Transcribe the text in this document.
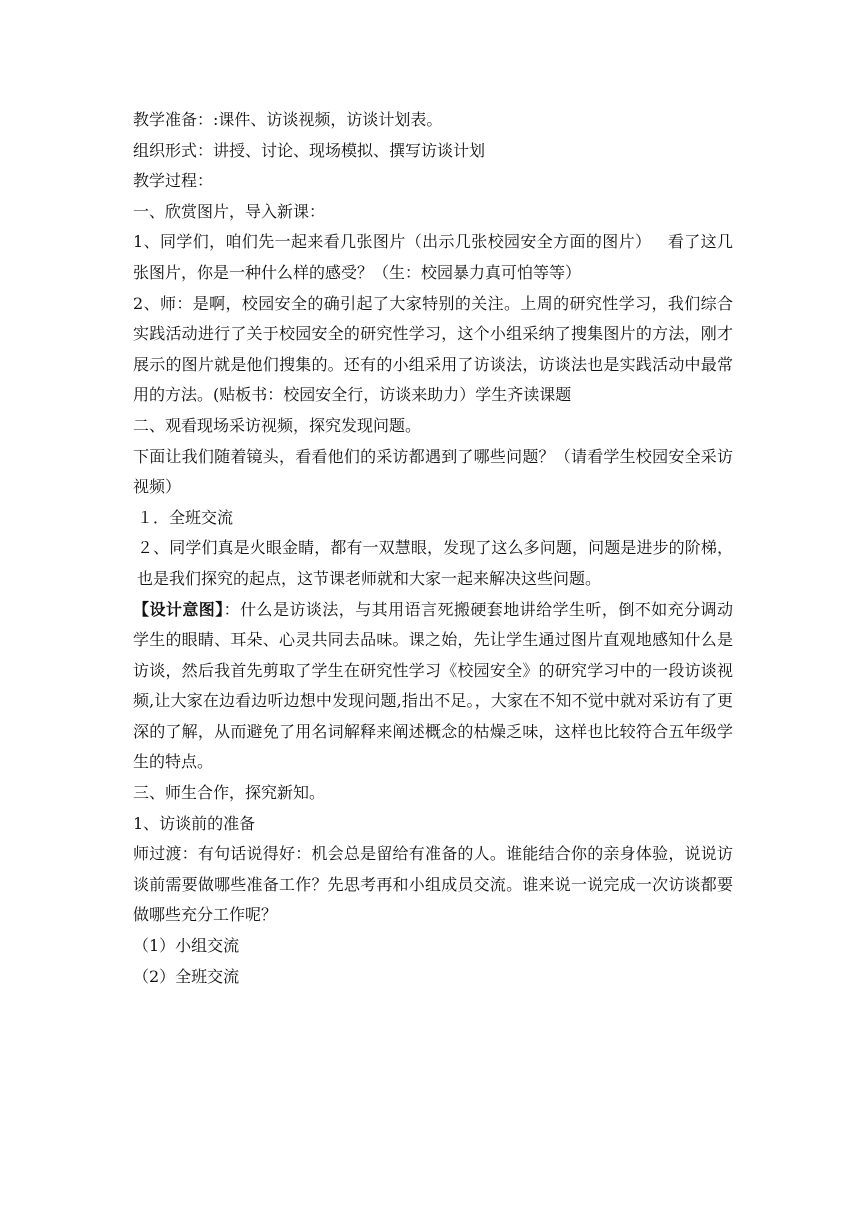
教学准备：:课件、访谈视频，访谈计划表。

组织形式：讲授、讨论、现场模拟、撰写访谈计划

教学过程：

一、欣赏图片，导入新课：

1、同学们，咱们先一起来看几张图片（出示几张校园安全方面的图片）   看了这几张图片，你是一种什么样的感受？（生：校园暴力真可怕等等）

2、师：是啊，校园安全的确引起了大家特别的关注。上周的研究性学习，我们综合实践活动进行了关于校园安全的研究性学习，这个小组采纳了搜集图片的方法，刚才展示的图片就是他们搜集的。还有的小组采用了访谈法，访谈法也是实践活动中最常用的方法。(贴板书：校园安全行，访谈来助力）学生齐读课题

二、观看现场采访视频，探究发现问题。

下面让我们随着镜头，看看他们的采访都遇到了哪些问题？（请看学生校园安全采访视频）

１．全班交流

２、同学们真是火眼金睛，都有一双慧眼，发现了这么多问题，问题是进步的阶梯，也是我们探究的起点，这节课老师就和大家一起来解决这些问题。

【设计意图】：什么是访谈法，与其用语言死搬硬套地讲给学生听，倒不如充分调动学生的眼睛、耳朵、心灵共同去品味。课之始，先让学生通过图片直观地感知什么是访谈，然后我首先剪取了学生在研究性学习《校园安全》的研究学习中的一段访谈视频,让大家在边看边听边想中发现问题,指出不足。，大家在不知不觉中就对采访有了更深的了解，从而避免了用名词解释来阐述概念的枯燥乏味，这样也比较符合五年级学生的特点。

三、师生合作，探究新知。

1、访谈前的准备

师过渡：有句话说得好：机会总是留给有准备的人。谁能结合你的亲身体验，说说访谈前需要做哪些准备工作？先思考再和小组成员交流。谁来说一说完成一次访谈都要做哪些充分工作呢？

（1）小组交流

（2）全班交流
